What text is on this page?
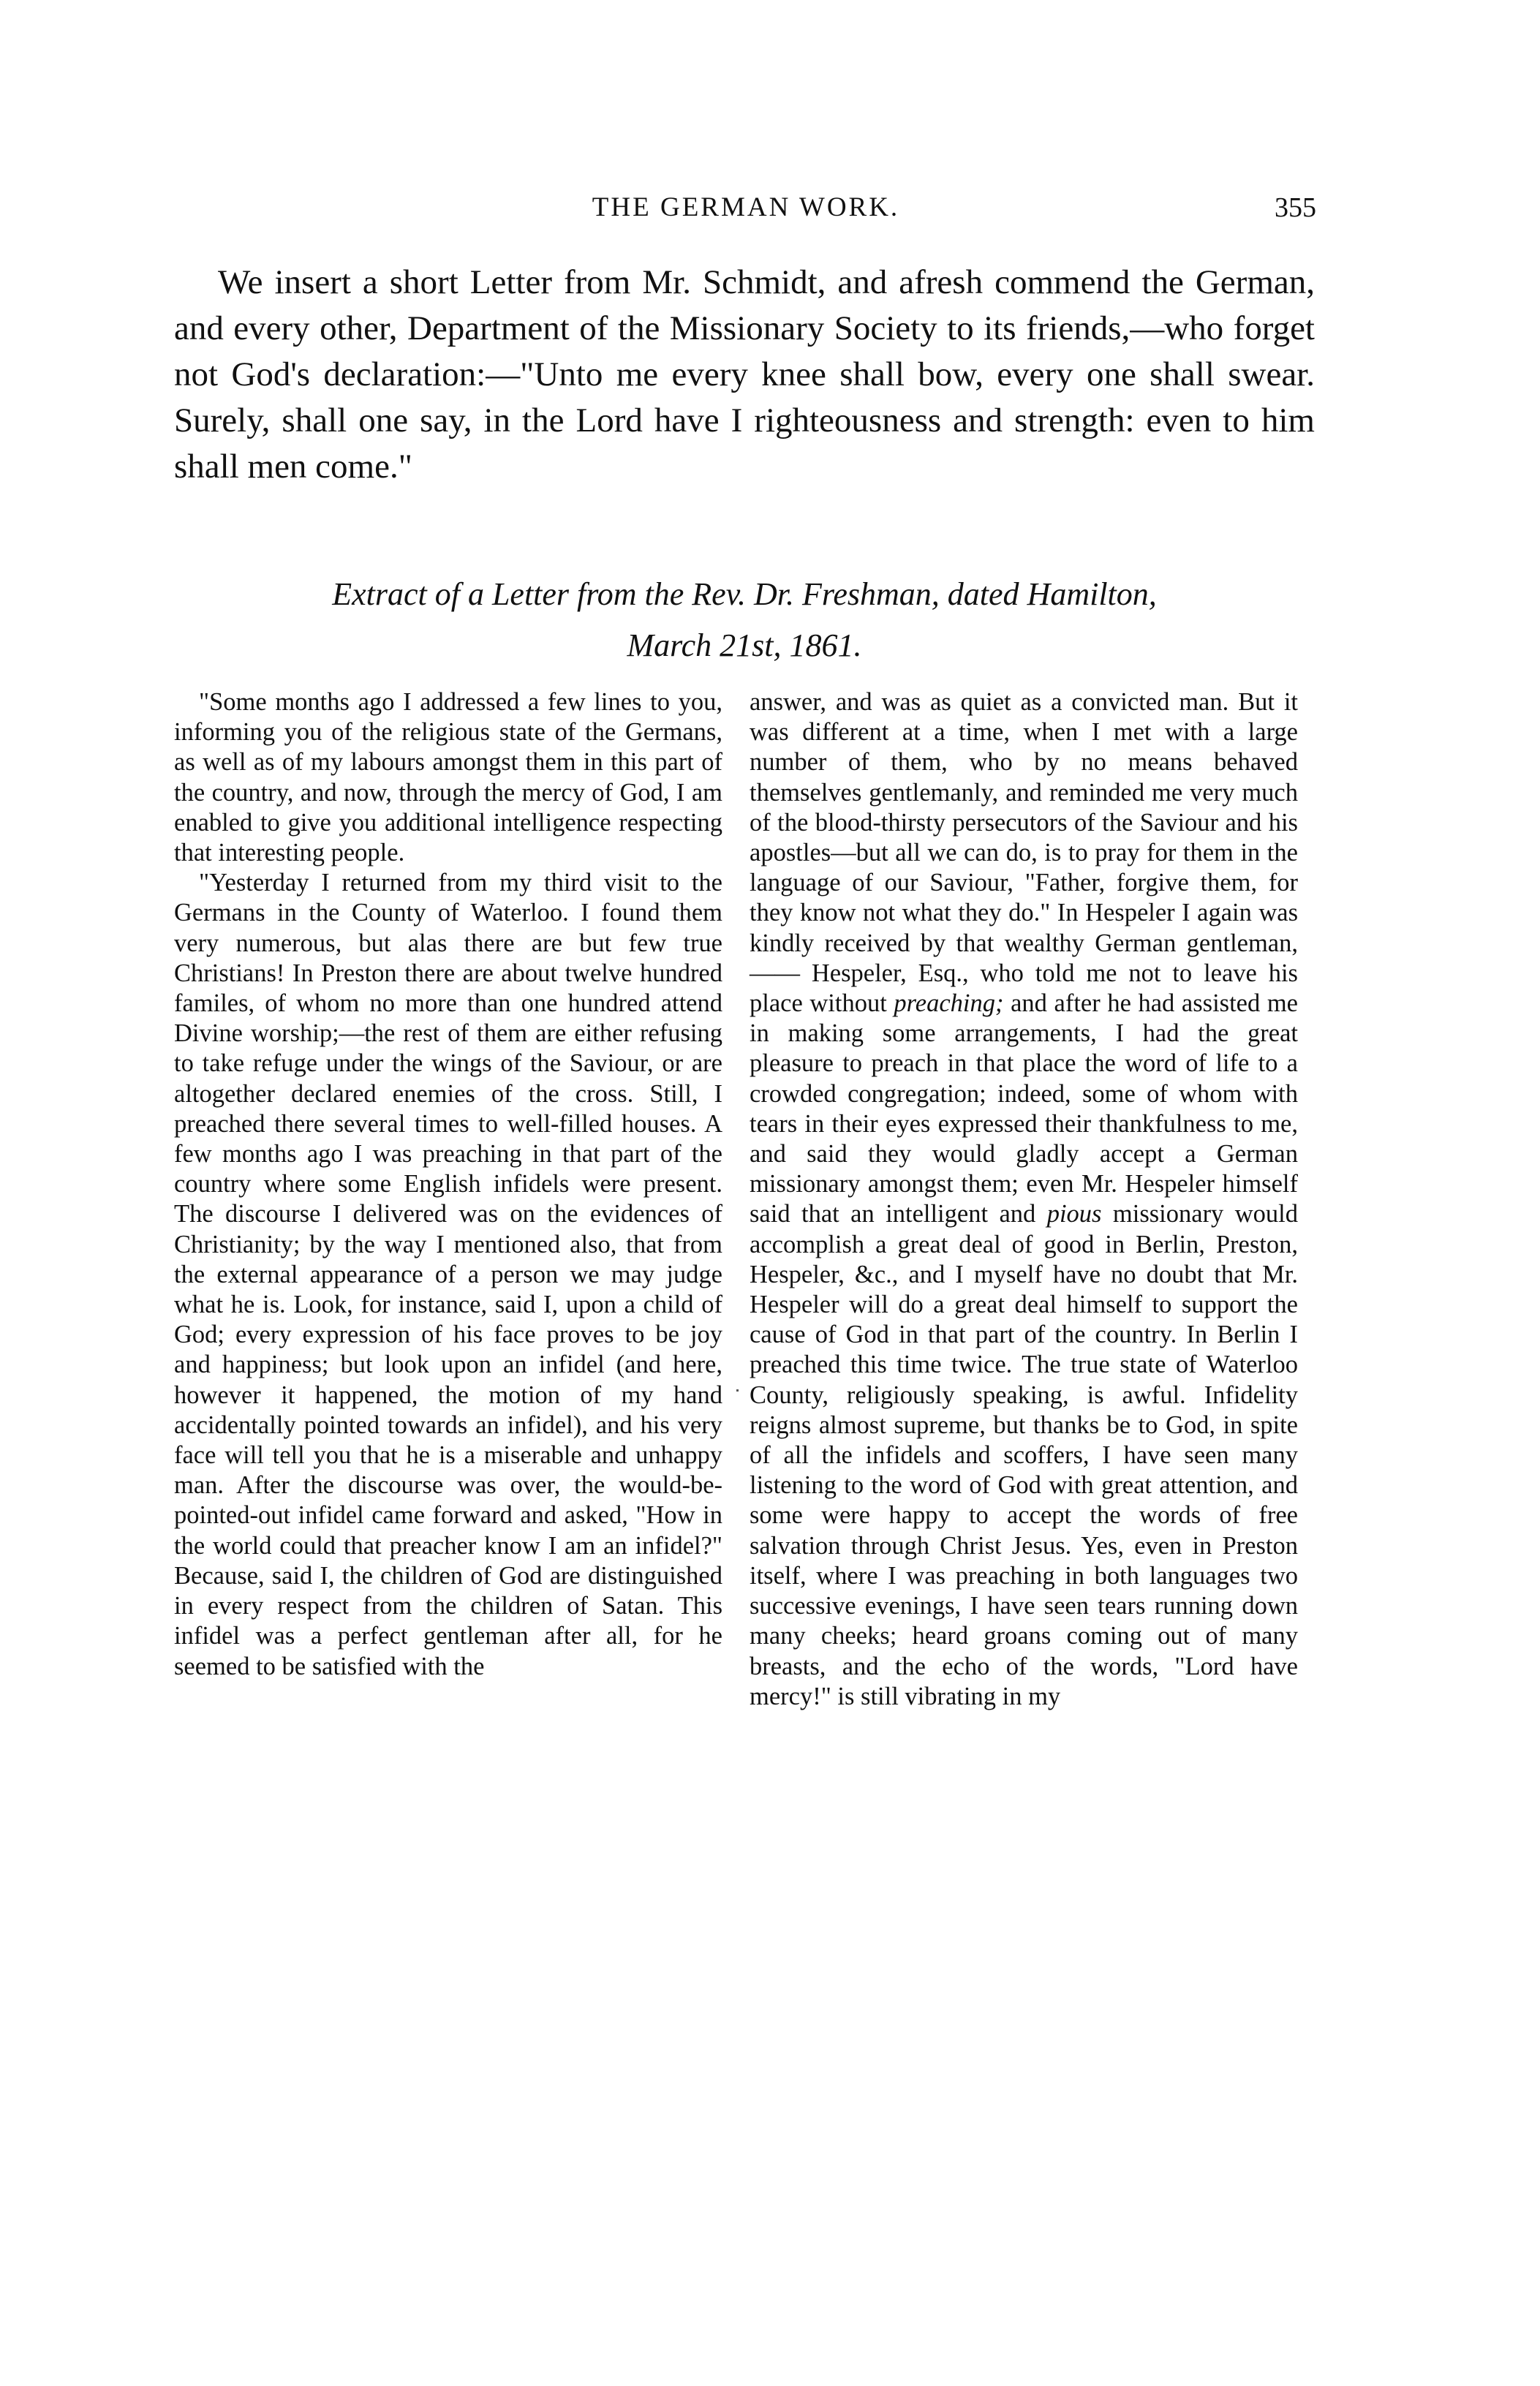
THE GERMAN WORK.	355

We insert a short Letter from Mr. Schmidt, and afresh commend the German, and every other, Department of the Missionary Society to its friends,—who forget not God's declaration:—"Unto me every knee shall bow, every one shall swear. Surely, shall one say, in the Lord have I righteousness and strength: even to him shall men come."

Extract of a Letter from the Rev. Dr. Freshman, dated Hamilton,
March 21st, 1861.

"Some months ago I addressed a few lines to you, informing you of the religious state of the Germans, as well as of my labours amongst them in this part of the country, and now, through the mercy of God, I am enabled to give you additional intelligence respecting that interesting people.

"Yesterday I returned from my third visit to the Germans in the County of Waterloo. I found them very numerous, but alas there are but few true Christians! In Preston there are about twelve hundred familes, of whom no more than one hundred attend Divine worship;—the rest of them are either refusing to take refuge under the wings of the Saviour, or are altogether declared enemies of the cross. Still, I preached there several times to well-filled houses. A few months ago I was preaching in that part of the country where some English infidels were present. The discourse I delivered was on the evidences of Christianity; by the way I mentioned also, that from the external appearance of a person we may judge what he is. Look, for instance, said I, upon a child of God; every expression of his face proves to be joy and happiness; but look upon an infidel (and here, however it happened, the motion of my hand accidentally pointed towards an infidel), and his very face will tell you that he is a miserable and unhappy man. After the discourse was over, the would-be-pointed-out infidel came forward and asked, "How in the world could that preacher know I am an infidel?" Because, said I, the children of God are distinguished in every respect from the children of Satan. This infidel was a perfect gentleman after all, for he seemed to be satisfied with the

answer, and was as quiet as a convicted man. But it was different at a time, when I met with a large number of them, who by no means behaved themselves gentlemanly, and reminded me very much of the blood-thirsty persecutors of the Saviour and his apostles—but all we can do, is to pray for them in the language of our Saviour, "Father, forgive them, for they know not what they do." In Hespeler I again was kindly received by that wealthy German gentleman, —— Hespeler, Esq., who told me not to leave his place without preaching; and after he had assisted me in making some arrangements, I had the great pleasure to preach in that place the word of life to a crowded congregation; indeed, some of whom with tears in their eyes expressed their thankfulness to me, and said they would gladly accept a German missionary amongst them; even Mr. Hespeler himself said that an intelligent and pious missionary would accomplish a great deal of good in Berlin, Preston, Hespeler, &c., and I myself have no doubt that Mr. Hespeler will do a great deal himself to support the cause of God in that part of the country. In Berlin I preached this time twice. The true state of Waterloo County, religiously speaking, is awful. Infidelity reigns almost supreme, but thanks be to God, in spite of all the infidels and scoffers, I have seen many listening to the word of God with great attention, and some were happy to accept the words of free salvation through Christ Jesus. Yes, even in Preston itself, where I was preaching in both languages two successive evenings, I have seen tears running down many cheeks; heard groans coming out of many breasts, and the echo of the words, "Lord have mercy!" is still vibrating in my
